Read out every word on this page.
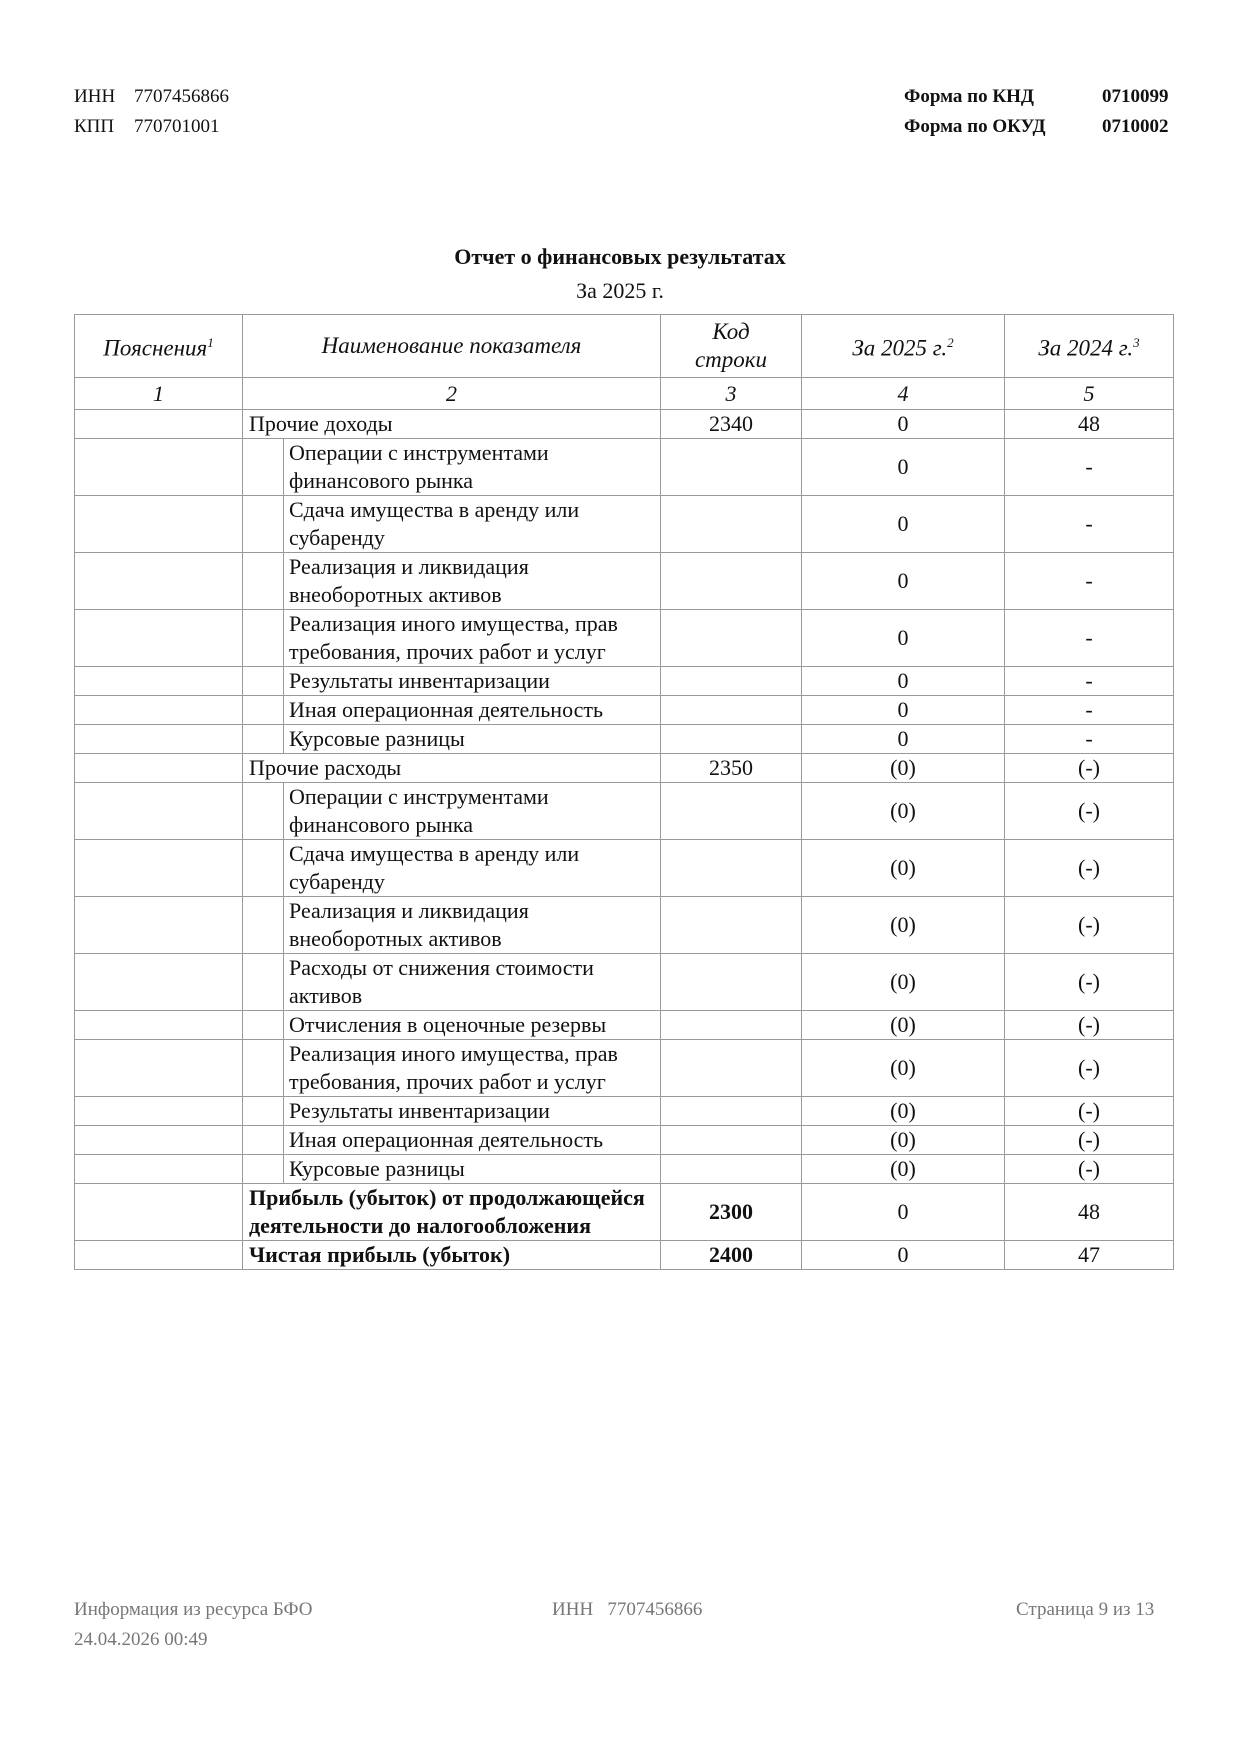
ИНН 7707456866
КПП 770701001
Форма по КНД	0710099
Форма по ОКУД	0710002
Отчет о финансовых результатах
За 2025 г.
Пояснения$^1$	Наименование показателя	Код строки	За 2025 г.$^2$	За 2024 г.$^3$
1	2	3	4	5
	Прочие доходы	2340	0	48
	Операции с инструментами финансового рынка		0	-
	Сдача имущества в аренду или субаренду		0	-
	Реализация и ликвидация внеоборотных активов		0	-
	Реализация иного имущества, прав требования, прочих работ и услуг		0	-
	Результаты инвентаризации		0	-
	Иная операционная деятельность		0	-
	Курсовые разницы		0	-
	Прочие расходы	2350	(0)	(-)
	Операции с инструментами финансового рынка		(0)	(-)
	Сдача имущества в аренду или субаренду		(0)	(-)
	Реализация и ликвидация внеоборотных активов		(0)	(-)
	Расходы от снижения стоимости активов		(0)	(-)
	Отчисления в оценочные резервы		(0)	(-)
	Реализация иного имущества, прав требования, прочих работ и услуг		(0)	(-)
	Результаты инвентаризации		(0)	(-)
	Иная операционная деятельность		(0)	(-)
	Курсовые разницы		(0)	(-)
	Прибыль (убыток) от продолжающейся деятельности до налогообложения	2300	0	48
	Чистая прибыль (убыток)	2400	0	47
Информация из ресурса БФО
24.04.2026 00:49
ИНН 7707456866	Страница 9 из 13
